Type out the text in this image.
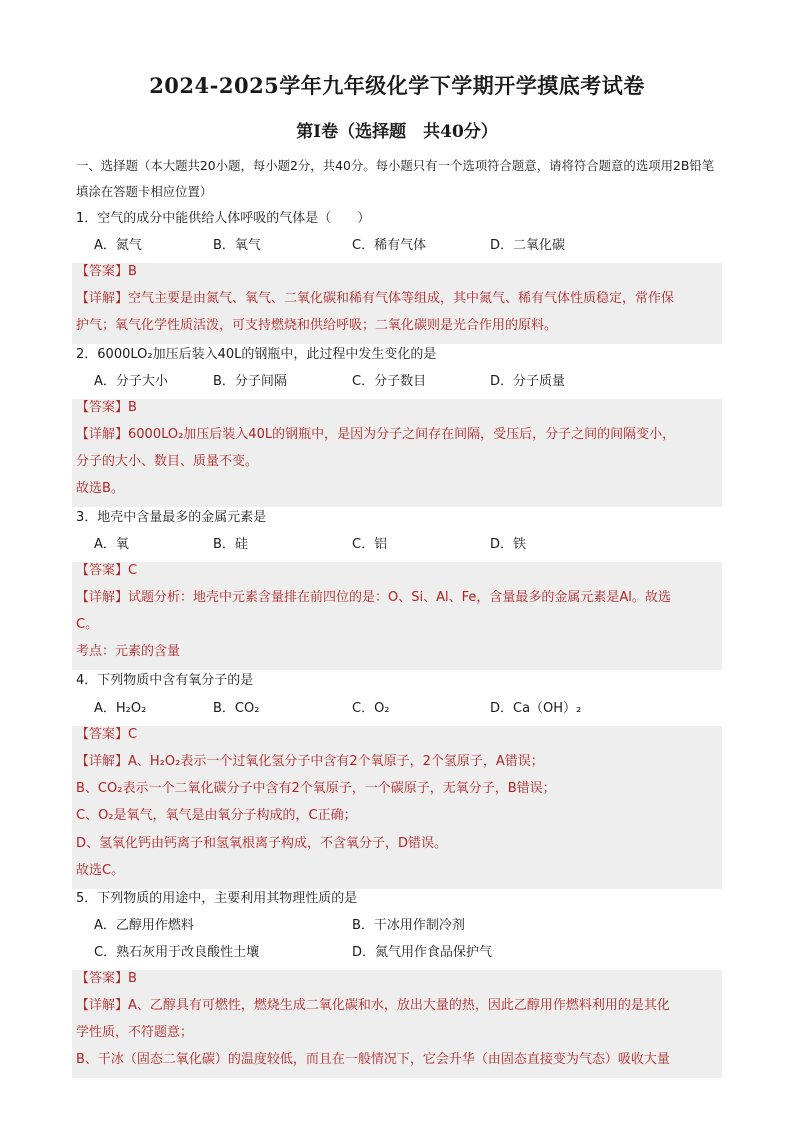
2024-2025学年九年级化学下学期开学摸底考试卷
第Ⅰ卷（选择题　共40分）
一、选择题（本大题共20小题，每小题2分，共40分。每小题只有一个选项符合题意，请将符合题意的选项用2B铅笔填涂在答题卡相应位置）
1．空气的成分中能供给人体呼吸的气体是（　　）
A．氮气	B．氧气	C．稀有气体	D．二氧化碳
【答案】B
【详解】空气主要是由氮气、氧气、二氧化碳和稀有气体等组成，其中氮气、稀有气体性质稳定，常作保
护气；氧气化学性质活泼，可支持燃烧和供给呼吸；二氧化碳则是光合作用的原料。
2．6000LO₂加压后装入40L的钢瓶中，此过程中发生变化的是
A．分子大小	B．分子间隔	C．分子数目	D．分子质量
【答案】B
【详解】6000LO₂加压后装入40L的钢瓶中，是因为分子之间存在间隔，受压后，分子之间的间隔变小，
分子的大小、数目、质量不变。
故选B。
3．地壳中含量最多的金属元素是
A．氧	B．硅	C．铝	D．铁
【答案】C
【详解】试题分析：地壳中元素含量排在前四位的是：O、Si、Al、Fe，含量最多的金属元素是Al。故选
C。
考点：元素的含量
4．下列物质中含有氧分子的是
A．H₂O₂	B．CO₂	C．O₂	D．Ca（OH）₂
【答案】C
【详解】A、H₂O₂表示一个过氧化氢分子中含有2个氧原子，2个氢原子，A错误；
B、CO₂表示一个二氧化碳分子中含有2个氧原子，一个碳原子，无氧分子，B错误；
C、O₂是氧气，氧气是由氧分子构成的，C正确；
D、氢氧化钙由钙离子和氢氧根离子构成，不含氧分子，D错误。
故选C。
5．下列物质的用途中，主要利用其物理性质的是
A．乙醇用作燃料	B．干冰用作制冷剂
C．熟石灰用于改良酸性土壤	D．氮气用作食品保护气
【答案】B
【详解】A、乙醇具有可燃性，燃烧生成二氧化碳和水，放出大量的热，因此乙醇用作燃料利用的是其化
学性质，不符题意；
B、干冰（固态二氧化碳）的温度较低，而且在一般情况下，它会升华（由固态直接变为气态）吸收大量
